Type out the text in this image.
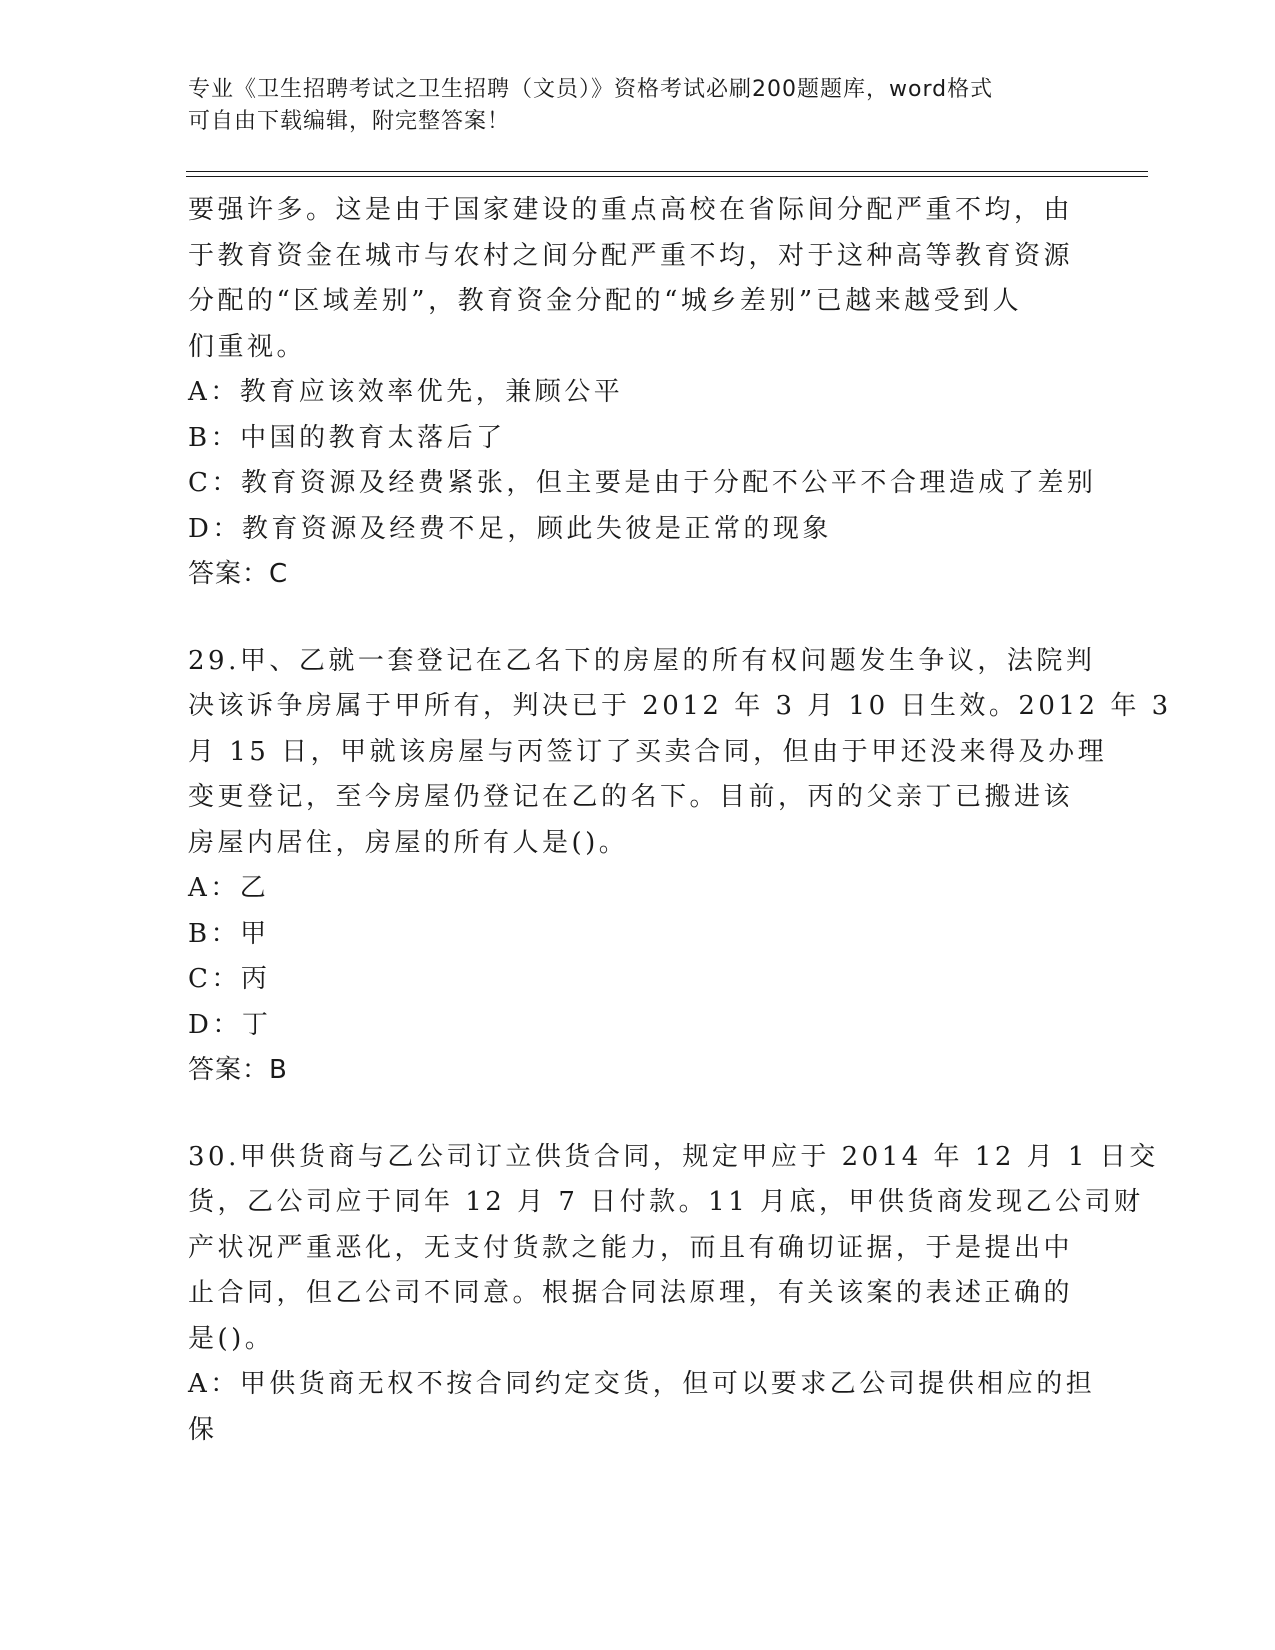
专业《卫生招聘考试之卫生招聘（文员）》资格考试必刷200题题库，word格式
可自由下载编辑，附完整答案！
要强许多。这是由于国家建设的重点高校在省际间分配严重不均，由
于教育资金在城市与农村之间分配严重不均，对于这种高等教育资源
分配的“区域差别”，教育资金分配的“城乡差别”已越来越受到人
们重视。
A：教育应该效率优先，兼顾公平
B：中国的教育太落后了
C：教育资源及经费紧张，但主要是由于分配不公平不合理造成了差别
D：教育资源及经费不足，顾此失彼是正常的现象
答案：C
29.甲、乙就一套登记在乙名下的房屋的所有权问题发生争议，法院判
决该诉争房属于甲所有，判决已于 2012 年 3 月 10 日生效。2012 年 3
月 15 日，甲就该房屋与丙签订了买卖合同，但由于甲还没来得及办理
变更登记，至今房屋仍登记在乙的名下。目前，丙的父亲丁已搬进该
房屋内居住，房屋的所有人是()。
A：乙
B：甲
C：丙
D：丁
答案：B
30.甲供货商与乙公司订立供货合同，规定甲应于 2014 年 12 月 1 日交
货，乙公司应于同年 12 月 7 日付款。11 月底，甲供货商发现乙公司财
产状况严重恶化，无支付货款之能力，而且有确切证据，于是提出中
止合同，但乙公司不同意。根据合同法原理，有关该案的表述正确的
是()。
A：甲供货商无权不按合同约定交货，但可以要求乙公司提供相应的担
保
